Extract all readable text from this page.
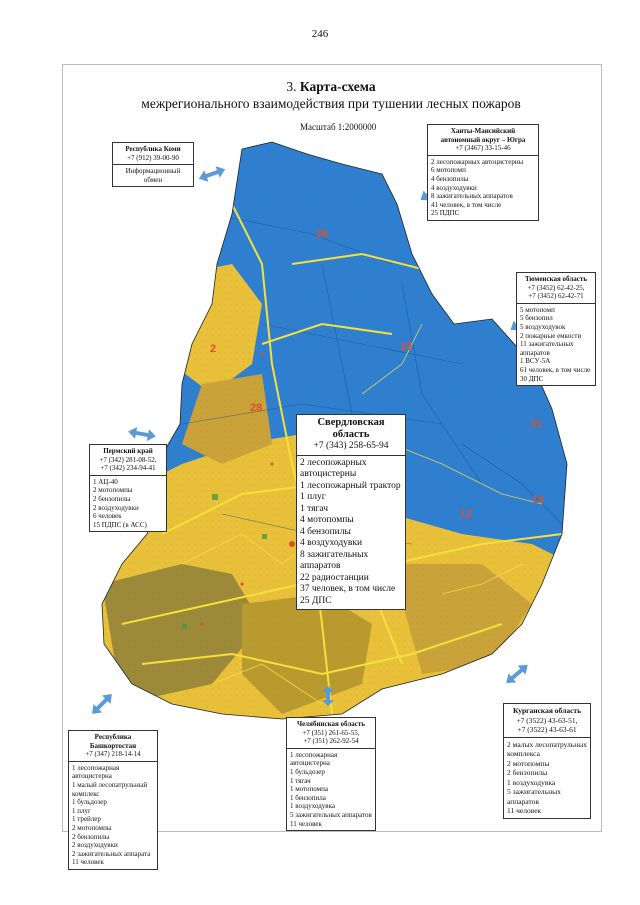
246
26
15
31
2
28
12
10
3. Карта-схема
межрегионального взаимодействия при тушении лесных пожаров
Масштаб 1:2000000
Республика Коми
+7 (912) 39-00-90
Информационный обмен
Ханты-Мансийский автономный округ – Югра
+7 (3467) 33-15-46
2 лесопожарных автоцистерны
6 мотопомп
4 бензопилы
4 воздуходувки
8 зажигательных аппаратов
41 человек, в том числе
25 ПДПС
Тюменская область
+7 (3452) 62-42-25,
+7 (3452) 62-42-71
5 мотопомп
5 бензопил
5 воздуходувок
2 пожарные емкости
11 зажигательных аппаратов
1 ВСУ-5А
61 человек, в том числе
30 ДПС
Свердловская область
+7 (343) 258-65-94
2 лесопожарных автоцистерны
1 лесопожарный трактор
1 плуг
1 тягач
4 мотопомпы
4 бензопилы
4 воздуходувки
8 зажигательных аппаратов
22 радиостанции
37 человек, в том числе 25 ДПС
Пермский край
+7 (342) 281-08-52,
+7 (342) 234-94-41
1 АЦ-40
2 мотопомпы
2 бензопилы
2 воздуходувки
6 человек
15 ПДПС (в АСС)
Республика Башкортостан
+7 (347) 218-14-14
1 лесопожарная автоцистерна
1 малый лесопатрульный комплекс
1 бульдозер
1 плуг
1 трейлер
2 мотопомпы
2 бензопилы
2 воздуходувки
2 зажигательных аппарата
11 человек
Челябинская область
+7 (351) 261-65-55,
+7 (351) 262-92-54
1 лесопожарная автоцистерна
1 бульдозер
1 тягач
1 мотопомпа
1 бензопила
1 воздуходувка
5 зажигательных аппаратов
11 человек
Курганская область
+7 (3522) 43-63-51,
+7 (3522) 43-63-61
2 малых лесопатрульных комплекса
2 мотопомпы
2 бензопилы
1 воздуходувка
5 зажигательных аппаратов
11 человек
